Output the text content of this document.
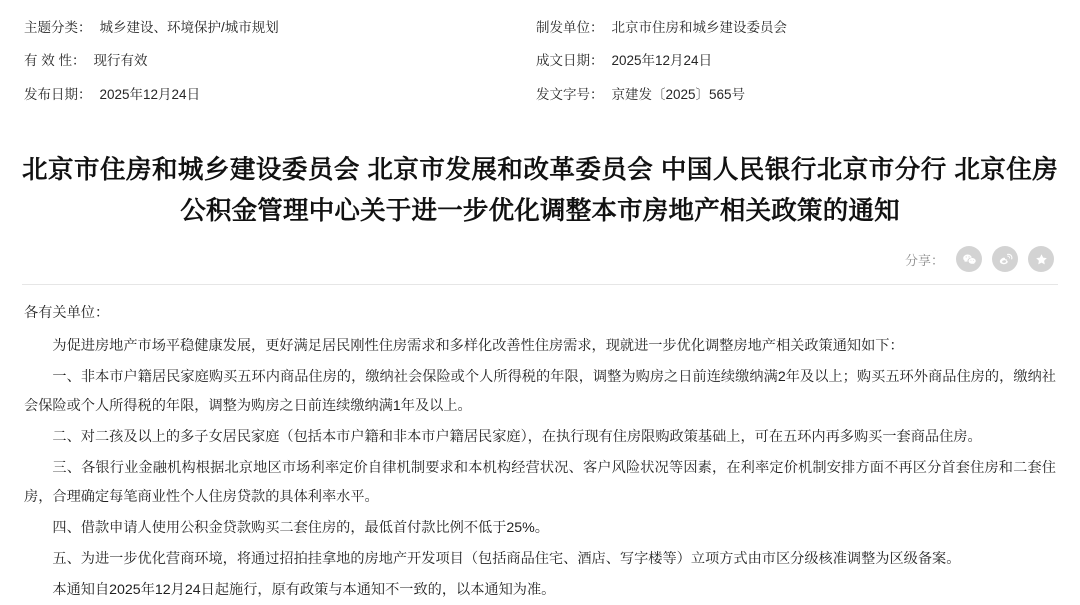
主题分类： 城乡建设、环境保护/城市规划	制发单位： 北京市住房和城乡建设委员会
有 效 性： 现行有效	成文日期： 2025年12月24日
发布日期： 2025年12月24日	发文字号： 京建发〔2025〕565号
北京市住房和城乡建设委员会 北京市发展和改革委员会 中国人民银行北京市分行 北京住房公积金管理中心关于进一步优化调整本市房地产相关政策的通知
分享：

各有关单位：

为促进房地产市场平稳健康发展，更好满足居民刚性住房需求和多样化改善性住房需求，现就进一步优化调整房地产相关政策通知如下：

一、非本市户籍居民家庭购买五环内商品住房的，缴纳社会保险或个人所得税的年限，调整为购房之日前连续缴纳满2年及以上；购买五环外商品住房的，缴纳社会保险或个人所得税的年限，调整为购房之日前连续缴纳满1年及以上。

二、对二孩及以上的多子女居民家庭（包括本市户籍和非本市户籍居民家庭），在执行现有住房限购政策基础上，可在五环内再多购买一套商品住房。

三、各银行业金融机构根据北京地区市场利率定价自律机制要求和本机构经营状况、客户风险状况等因素，在利率定价机制安排方面不再区分首套住房和二套住房，合理确定每笔商业性个人住房贷款的具体利率水平。

四、借款申请人使用公积金贷款购买二套住房的，最低首付款比例不低于25%。

五、为进一步优化营商环境，将通过招拍挂拿地的房地产开发项目（包括商品住宅、酒店、写字楼等）立项方式由市区分级核准调整为区级备案。

本通知自2025年12月24日起施行，原有政策与本通知不一致的，以本通知为准。
